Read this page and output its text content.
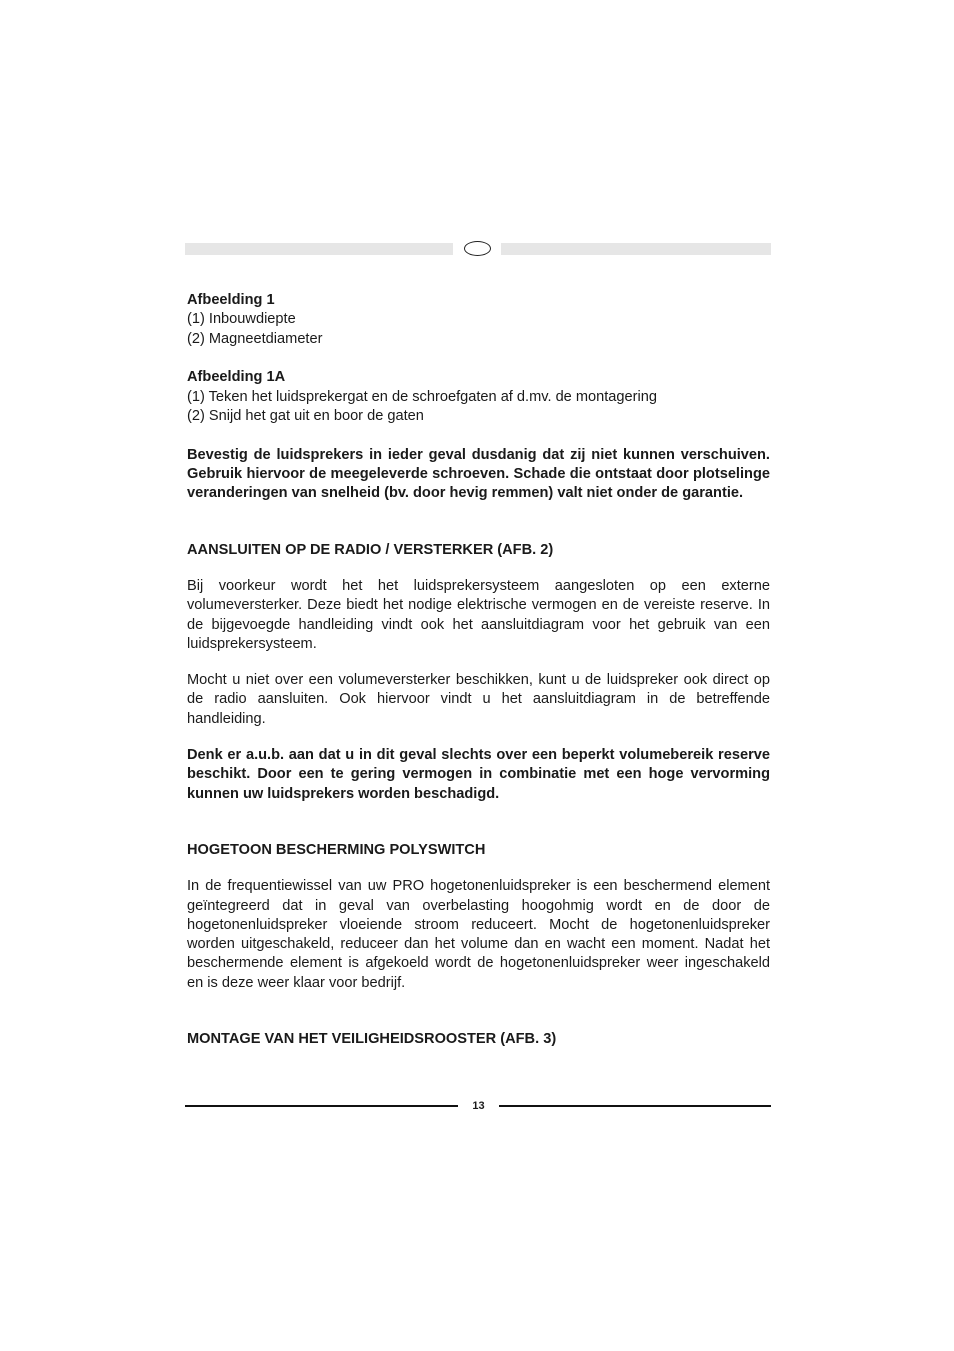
Afbeelding 1

(1) Inbouwdiepte

(2) Magneetdiameter

Afbeelding 1A

(1) Teken het luidsprekergat en de schroefgaten af d.mv. de montagering

(2) Snijd het gat uit en boor de gaten

Bevestig de luidsprekers in ieder geval dusdanig dat zij niet kunnen verschuiven. Gebruik hiervoor de meegeleverde schroeven. Schade die ontstaat door plotselinge veranderingen van snelheid (bv. door hevig remmen) valt niet onder de garantie.

AANSLUITEN OP DE RADIO / VERSTERKER (AFB. 2)

Bij voorkeur wordt het het luidsprekersysteem aangesloten op een externe volumeversterker. Deze biedt het nodige elektrische vermogen en de vereiste reserve. In de bijgevoegde handleiding vindt ook het aansluitdiagram voor het gebruik van een luidsprekersysteem.

Mocht u niet over een volumeversterker beschikken, kunt u de luidspreker ook direct op de radio aansluiten. Ook hiervoor vindt u het aansluitdiagram in de betreffende handleiding.

Denk er a.u.b. aan dat u in dit geval slechts over een beperkt volumebereik reserve beschikt. Door een te gering vermogen in combinatie met een hoge vervorming kunnen uw luidsprekers worden beschadigd.

HOGETOON BESCHERMING POLYSWITCH

In de frequentiewissel van uw PRO hogetonenluidspreker is een beschermend element geïntegreerd dat in geval van overbelasting hoogohmig wordt en de door de hogetonenluidspreker vloeiende stroom reduceert. Mocht de hogetonenluidspreker worden uitgeschakeld, reduceer dan het volume dan en wacht een moment. Nadat het beschermende element is afgekoeld wordt de hogetonenluidspreker weer ingeschakeld en is deze weer klaar voor bedrijf.

MONTAGE VAN HET VEILIGHEIDSROOSTER (AFB. 3)

13
